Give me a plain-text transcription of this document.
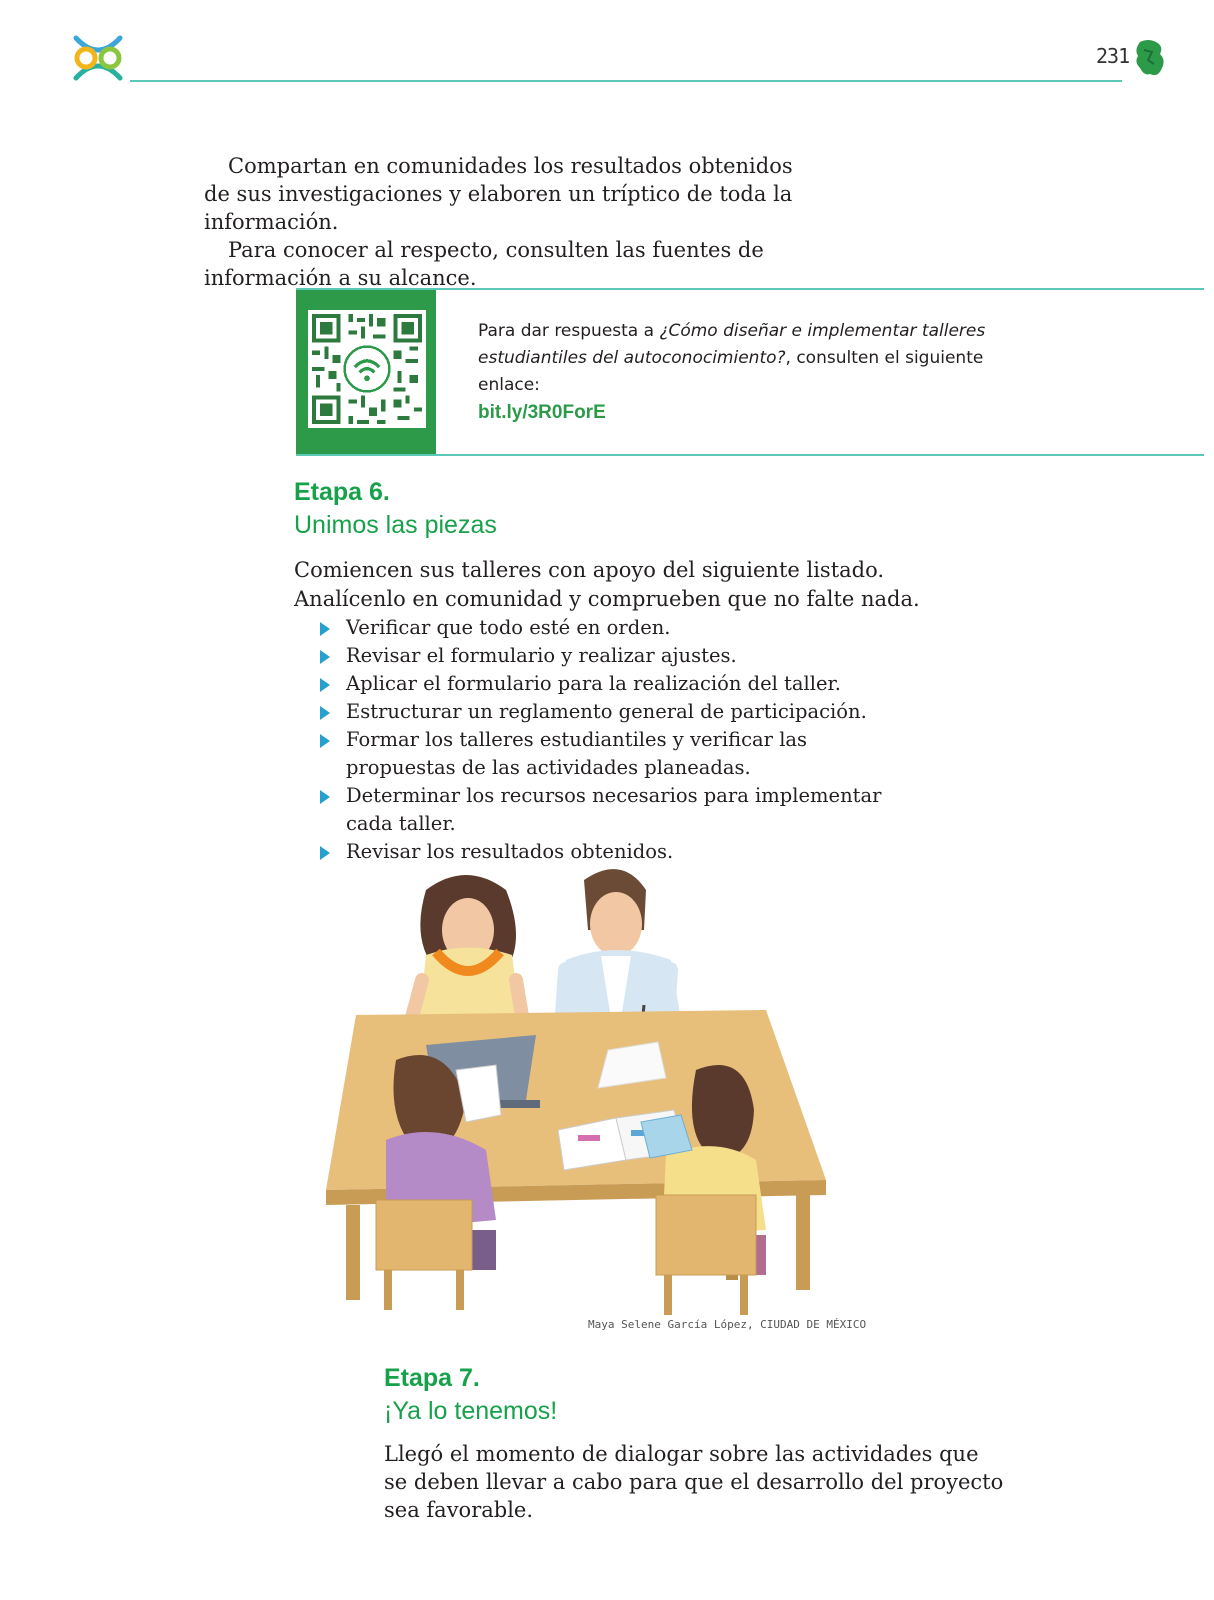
231

Compartan en comunidades los resultados obtenidos de sus investigaciones y elaboren un tríptico de toda la información.

Para conocer al respecto, consulten las fuentes de información a su alcance.

Para dar respuesta a ¿Cómo diseñar e implementar talleres estudiantiles del autoconocimiento?, consulten el siguiente enlace:
bit.ly/3R0ForE
Etapa 6.
Unimos las piezas

Comiencen sus talleres con apoyo del siguiente listado. Analícenlo en comunidad y comprueben que no falte nada.

Verificar que todo esté en orden.
Revisar el formulario y realizar ajustes.
Aplicar el formulario para la realización del taller.
Estructurar un reglamento general de participación.
Formar los talleres estudiantiles y verificar las propuestas de las actividades planeadas.
Determinar los recursos necesarios para implementar cada taller.
Revisar los resultados obtenidos.
Maya Selene García López, CIUDAD DE MÉXICO
Etapa 7.
¡Ya lo tenemos!

Llegó el momento de dialogar sobre las actividades que se deben llevar a cabo para que el desarrollo del proyecto sea favorable.
